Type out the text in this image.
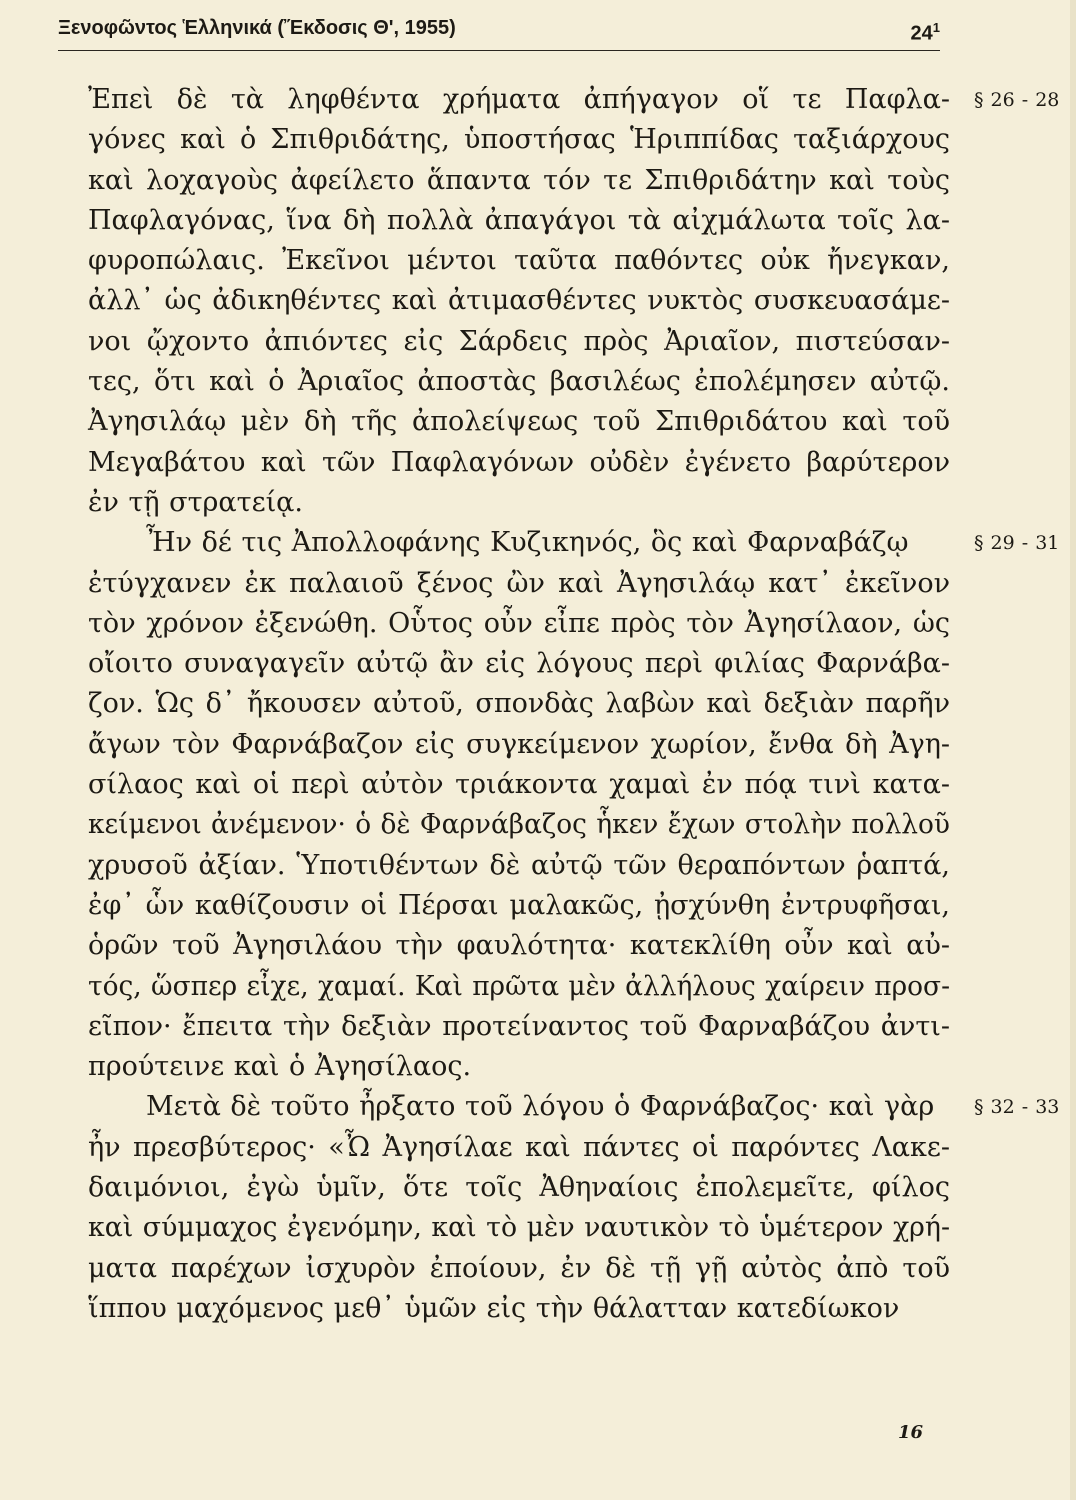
Ξενοφῶντος Ἑλληνικά (Ἔκδοσις Θ', 1955)	$24^1$
Ἐπεὶ δὲ τὰ ληφθέντα χρήματα ἀπήγαγον οἵ τε Παφλα- § 26 - 28
γόνες καὶ ὁ Σπιθριδάτης, ὑποστήσας Ἡριππίδας ταξιάρχους
καὶ λοχαγοὺς ἀφείλετο ἅπαντα τόν τε Σπιθριδάτην καὶ τοὺς
Παφλαγόνας, ἵνα δὴ πολλὰ ἀπαγάγοι τὰ αἰχμάλωτα τοῖς λα-
φυροπώλαις. Ἐκεῖνοι μέντοι ταῦτα παθόντες οὐκ ἤνεγκαν,
ἀλλ᾽ ὡς ἀδικηθέντες καὶ ἀτιμασθέντες νυκτὸς συσκευασάμε-
νοι ᾤχοντο ἀπιόντες εἰς Σάρδεις πρὸς Ἀριαῖον, πιστεύσαν-
τες, ὅτι καὶ ὁ Ἀριαῖος ἀποστὰς βασιλέως ἐπολέμησεν αὐτῷ.
Ἀγησιλάῳ μὲν δὴ τῆς ἀπολείψεως τοῦ Σπιθριδάτου καὶ τοῦ
Μεγαβάτου καὶ τῶν Παφλαγόνων οὐδὲν ἐγένετο βαρύτερον
ἐν τῇ στρατείᾳ.
Ἦν δέ τις Ἀπολλοφάνης Κυζικηνός, ὃς καὶ Φαρναβάζῳ	§ 29 - 31
ἐτύγχανεν ἐκ παλαιοῦ ξένος ὢν καὶ Ἀγησιλάῳ κατ᾽ ἐκεῖνον
τὸν χρόνον ἐξενώθη. Οὗτος οὖν εἶπε πρὸς τὸν Ἀγησίλαον, ὡς
οἴοιτο συναγαγεῖν αὐτῷ ἂν εἰς λόγους περὶ φιλίας Φαρνάβα-
ζον. Ὡς δ᾽ ἤκουσεν αὐτοῦ, σπονδὰς λαβὼν καὶ δεξιὰν παρῆν
ἄγων τὸν Φαρνάβαζον εἰς συγκείμενον χωρίον, ἔνθα δὴ Ἀγη-
σίλαος καὶ οἱ περὶ αὐτὸν τριάκοντα χαμαὶ ἐν πόᾳ τινὶ κατα-
κείμενοι ἀνέμενον· ὁ δὲ Φαρνάβαζος ἧκεν ἔχων στολὴν πολλοῦ
χρυσοῦ ἀξίαν. Ὑποτιθέντων δὲ αὐτῷ τῶν θεραπόντων ῥαπτά,
ἐφ᾽ ὧν καθίζουσιν οἱ Πέρσαι μαλακῶς, ᾐσχύνθη ἐντρυφῆσαι,
ὁρῶν τοῦ Ἀγησιλάου τὴν φαυλότητα· κατεκλίθη οὖν καὶ αὐ-
τός, ὥσπερ εἶχε, χαμαί. Καὶ πρῶτα μὲν ἀλλήλους χαίρειν προσ-
εῖπον· ἔπειτα τὴν δεξιὰν προτείναντος τοῦ Φαρναβάζου ἀντι-
προύτεινε καὶ ὁ Ἀγησίλαος.
Μετὰ δὲ τοῦτο ἦρξατο τοῦ λόγου ὁ Φαρνάβαζος· καὶ γὰρ § 32 - 33
ἦν πρεσβύτερος· «Ὦ Ἀγησίλαε καὶ πάντες οἱ παρόντες Λακε-
δαιμόνιοι, ἐγὼ ὑμῖν, ὅτε τοῖς Ἀθηναίοις ἐπολεμεῖτε, φίλος
καὶ σύμμαχος ἐγενόμην, καὶ τὸ μὲν ναυτικὸν τὸ ὑμέτερον χρή-
ματα παρέχων ἰσχυρὸν ἐποίουν, ἐν δὲ τῇ γῇ αὐτὸς ἀπὸ τοῦ
ἵππου μαχόμενος μεθ᾽ ὑμῶν εἰς τὴν θάλατταν κατεδίωκον
16
